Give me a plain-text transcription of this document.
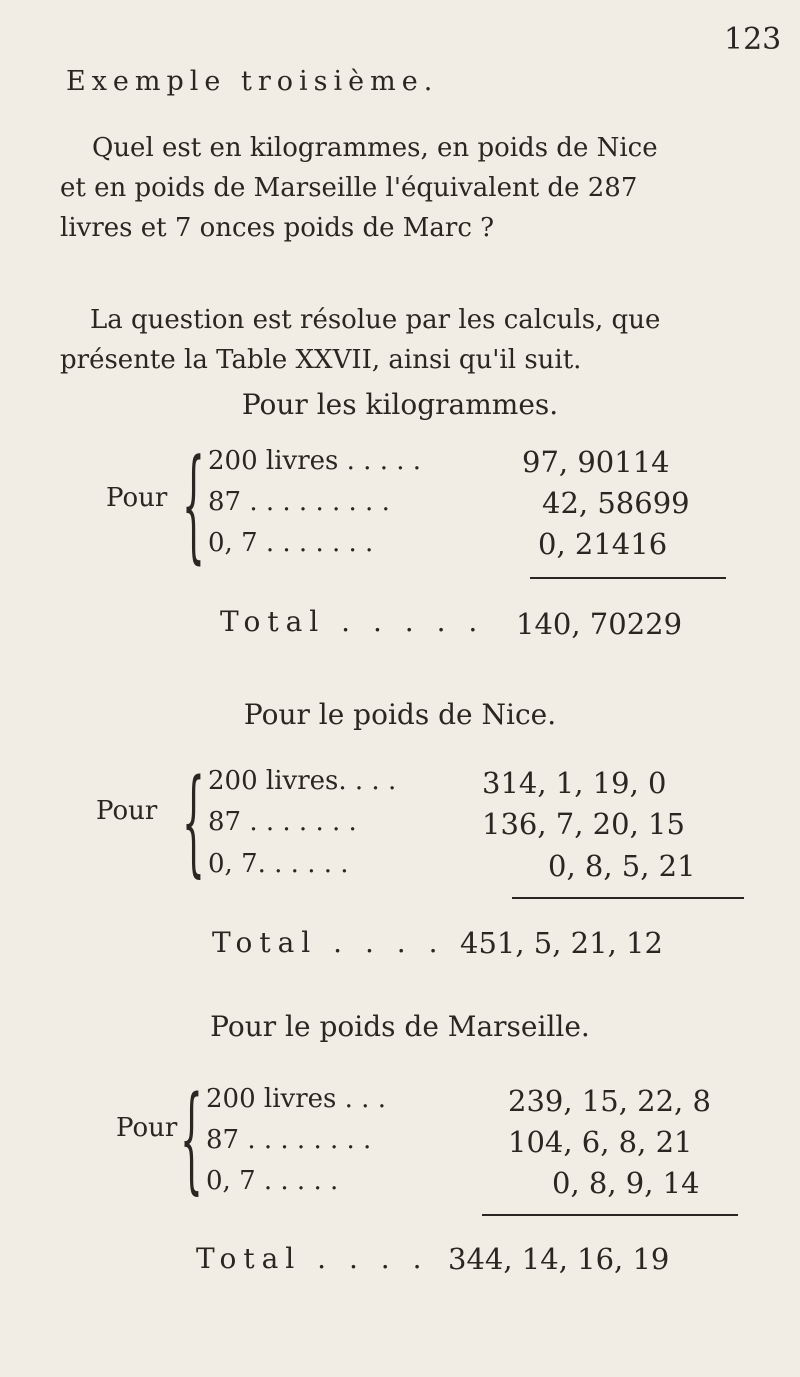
123
Exemple troisième.

Quel est en kilogrammes, en poids de Nice
et en poids de Marseille l'équivalent de 287
livres et 7 onces poids de Marc ?

La question est résolue par les calculs, que
présente la Table XXVII, ainsi qu'il suit.

Pour les kilogrammes.
Pour { 200 livres . . . . .	97, 90114
87 . . . . . . . . .	42, 58699
0, 7 . . . . . . .	0, 21416
Total . . . . . 140, 70229
Pour le poids de Nice.
Pour { 200 livres. . . .	314, 1, 19, 0
87 . . . . . . .	136, 7, 20, 15
0, 7. . . . . .	0, 8, 5, 21
Total . . . . 451, 5, 21, 12
Pour le poids de Marseille.
Pour { 200 livres . . .	239, 15, 22, 8
87 . . . . . . . .	104, 6, 8, 21
0, 7 . . . . .	0, 8, 9, 14
Total . . . . 344, 14, 16, 19
